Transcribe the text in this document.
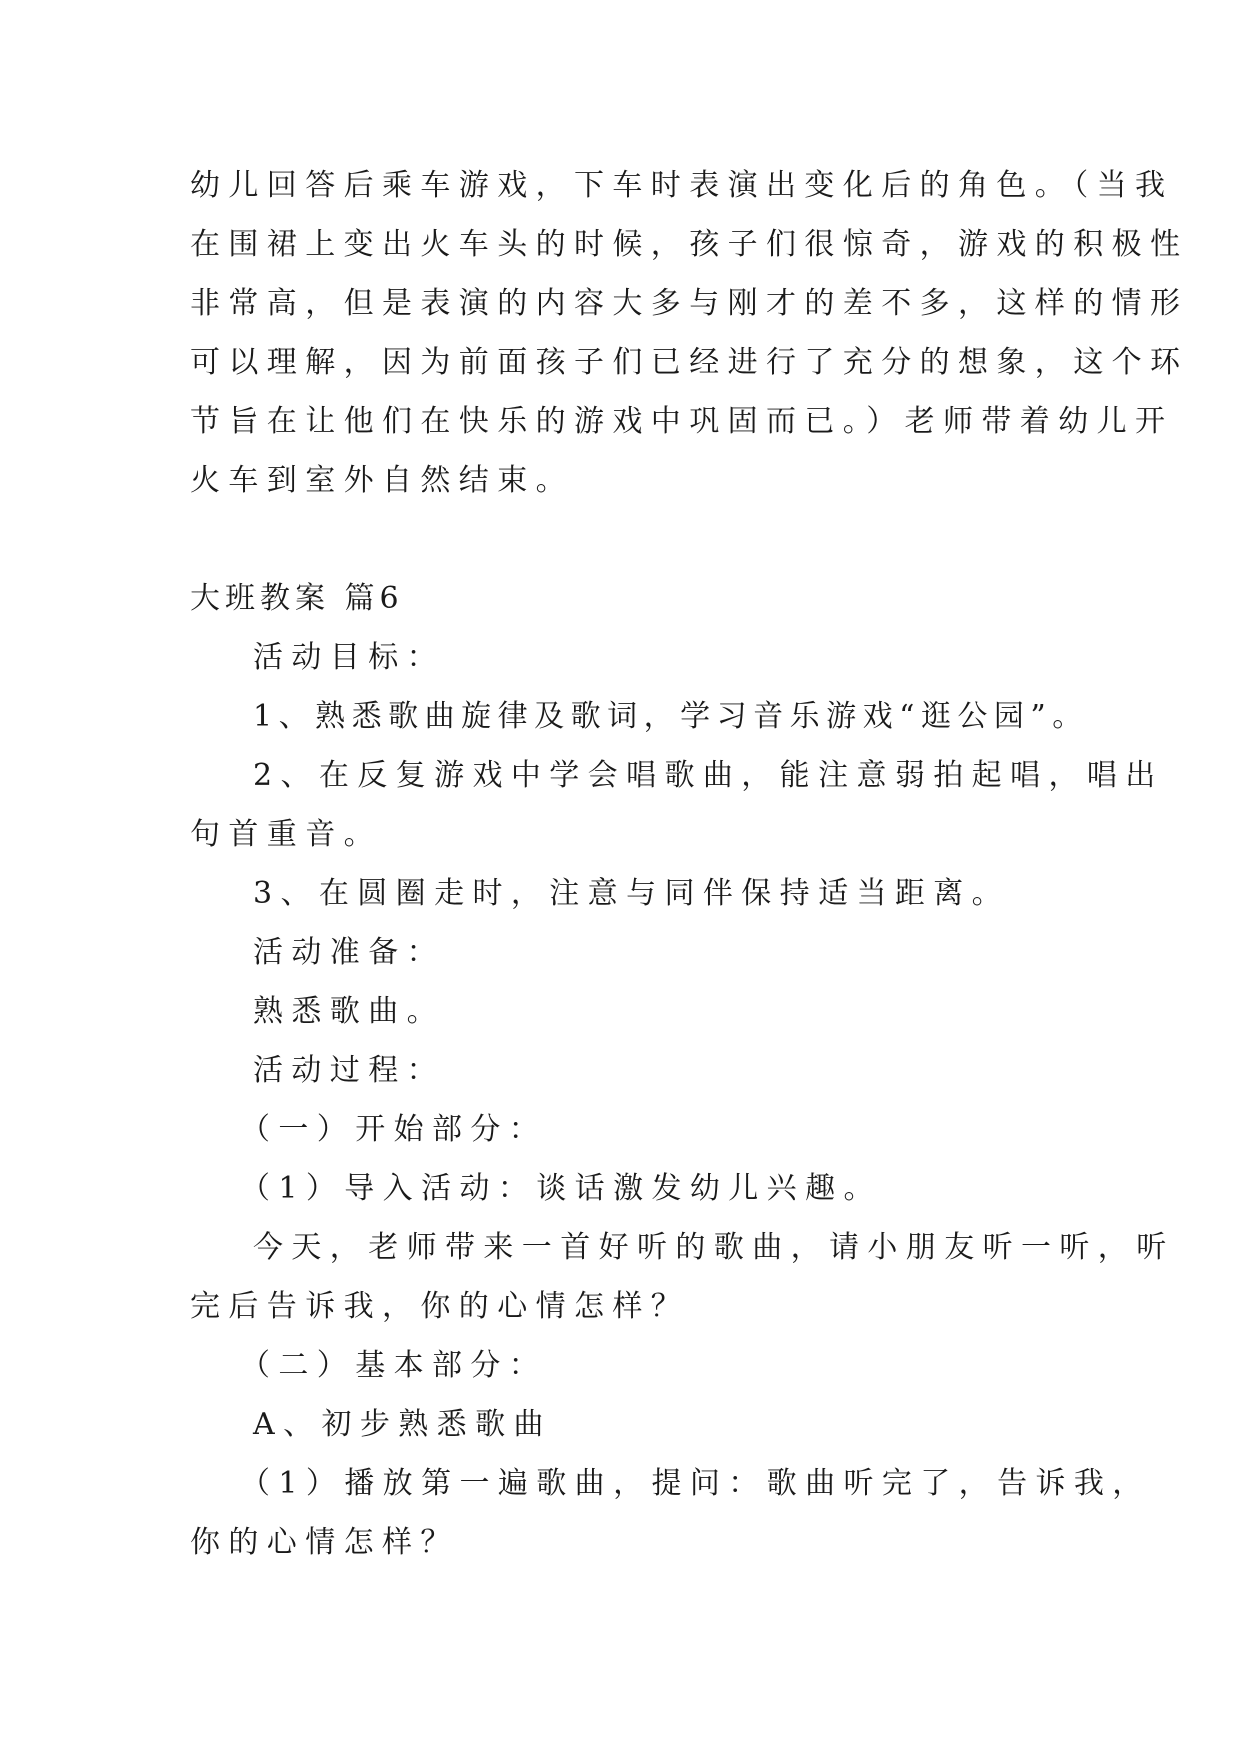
幼儿回答后乘车游戏，下车时表演出变化后的角色。（当我
在围裙上变出火车头的时候，孩子们很惊奇，游戏的积极性
非常高，但是表演的内容大多与刚才的差不多，这样的情形
可以理解，因为前面孩子们已经进行了充分的想象，这个环
节旨在让他们在快乐的游戏中巩固而已。）老师带着幼儿开
火车到室外自然结束。
大班教案 篇6
活动目标：
1、熟悉歌曲旋律及歌词，学习音乐游戏“逛公园”。
2、在反复游戏中学会唱歌曲，能注意弱拍起唱，唱出
句首重音。
3、在圆圈走时，注意与同伴保持适当距离。
活动准备：
熟悉歌曲。
活动过程：
（一）开始部分：
（1）导入活动：谈话激发幼儿兴趣。
今天，老师带来一首好听的歌曲，请小朋友听一听，听
完后告诉我，你的心情怎样？
（二）基本部分：
A、初步熟悉歌曲
（1）播放第一遍歌曲，提问：歌曲听完了，告诉我，
你的心情怎样？
